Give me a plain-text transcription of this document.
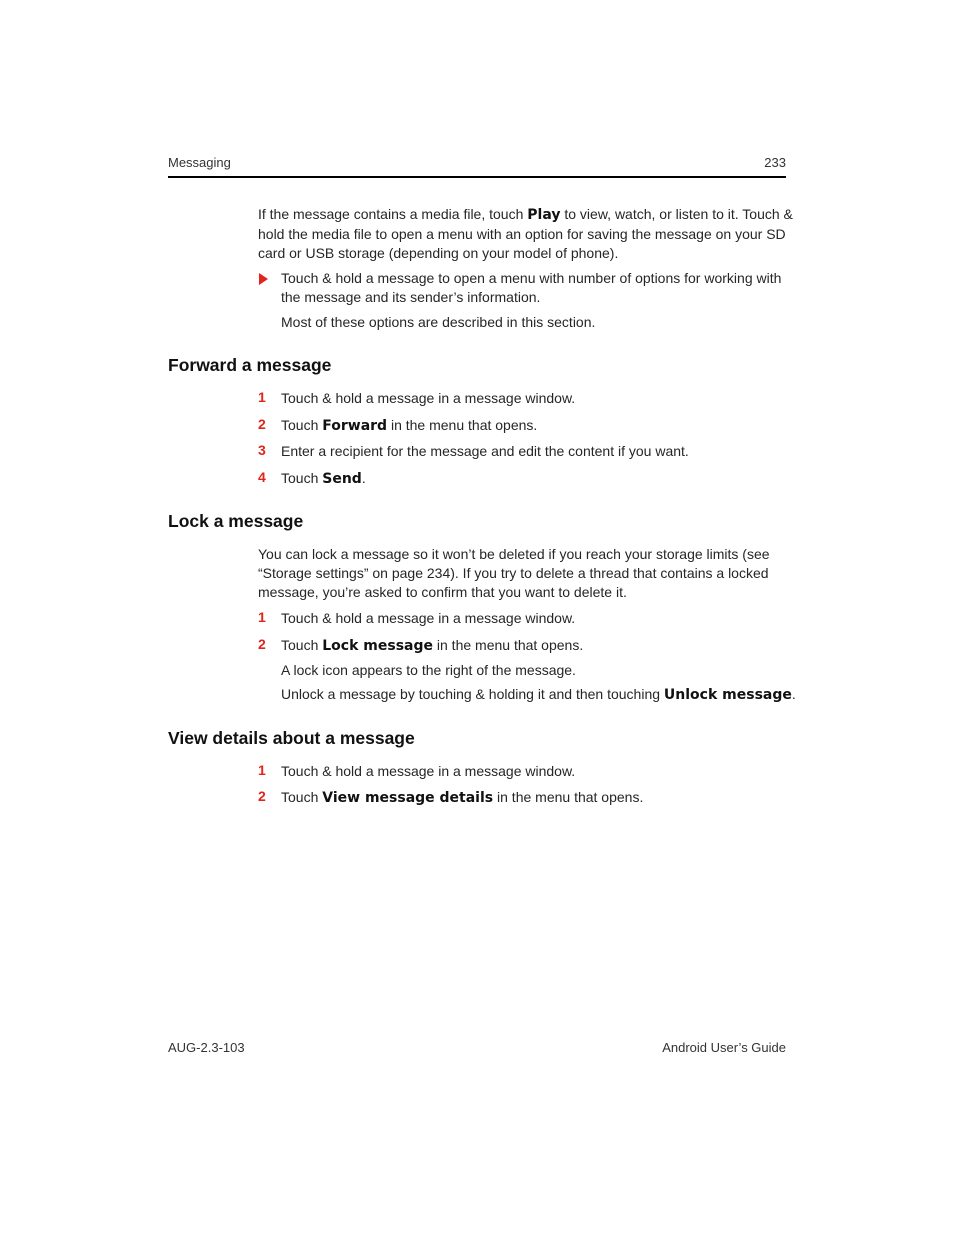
Messaging	233
If the message contains a media file, touch Play to view, watch, or listen to it. Touch &
hold the media file to open a menu with an option for saving the message on your SD
card or USB storage (depending on your model of phone).
Touch & hold a message to open a menu with number of options for working with
the message and its sender’s information.
Most of these options are described in this section.
Forward a message
1 Touch & hold a message in a message window.
2 Touch Forward in the menu that opens.
3 Enter a recipient for the message and edit the content if you want.
4 Touch Send.
Lock a message
You can lock a message so it won’t be deleted if you reach your storage limits (see
“Storage settings” on page 234). If you try to delete a thread that contains a locked
message, you’re asked to confirm that you want to delete it.
1 Touch & hold a message in a message window.
2 Touch Lock message in the menu that opens.
A lock icon appears to the right of the message.
Unlock a message by touching & holding it and then touching Unlock message.
View details about a message
1 Touch & hold a message in a message window.
2 Touch View message details in the menu that opens.
AUG-2.3-103	Android User’s Guide
